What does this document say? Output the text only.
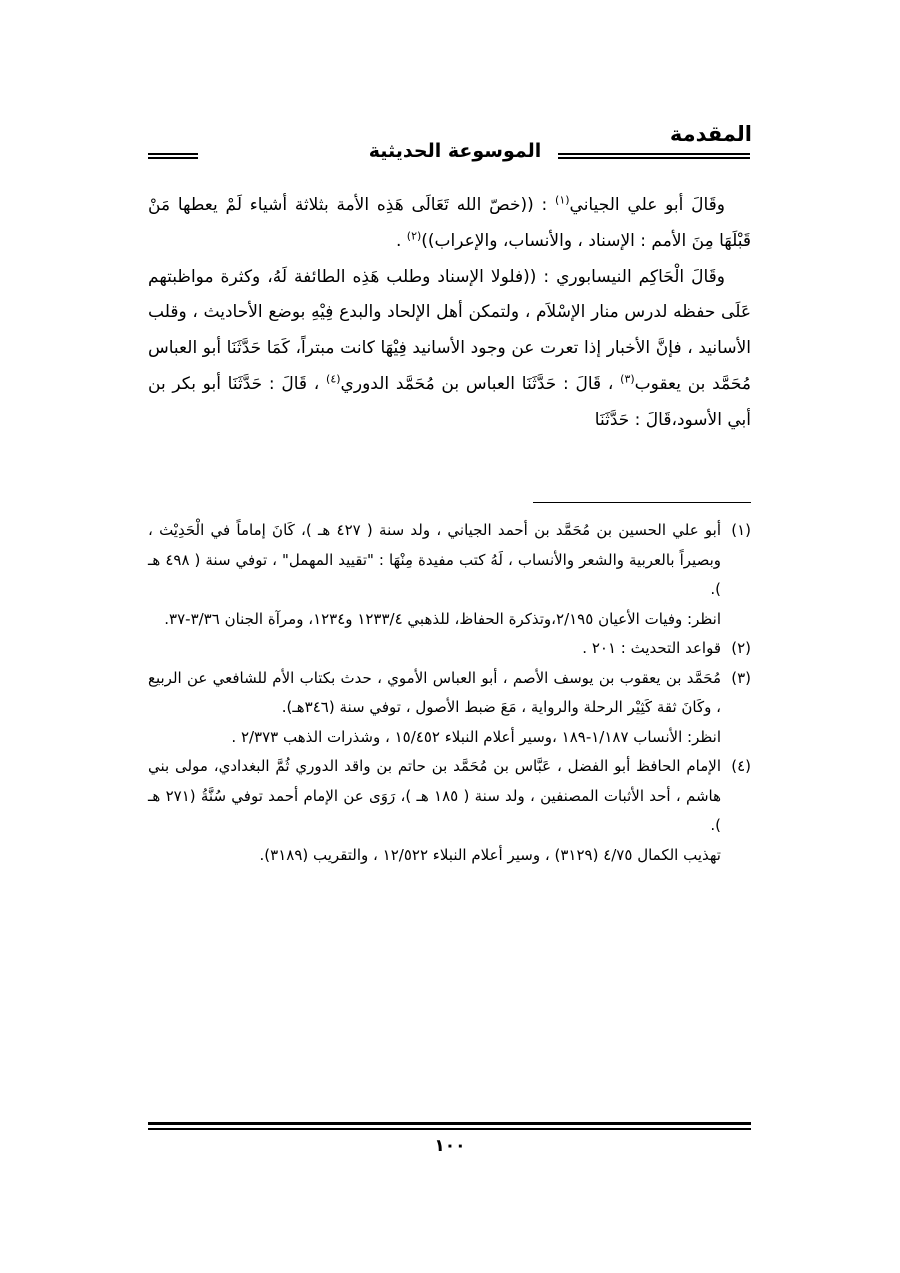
المقدمة
الموسوعة الحديثية

وقَالَ أبو علي الجياني$^{(١)}$ : ((خصّ الله تَعَالَى هَذِه الأمة بثلاثة أشياء لَمْ يعطها مَنْ قَبْلَهَا مِنَ الأمم : الإسناد ، والأنساب، والإعراب))$^{(٢)}$ .

وقَالَ الْحَاكِم النيسابوري : ((فلولا الإسناد وطلب هَذِه الطائفة لَهُ، وكثرة مواظبتهم عَلَى حفظه لدرس منار الإسْلاَم ، ولتمكن أهل الإلحاد والبدع فِيْهِ بوضع الأحاديث ، وقلب الأسانيد ، فإنَّ الأخبار إذا تعرت عن وجود الأسانيد فِيْهَا كانت مبتراً، كَمَا حَدَّثَنَا أبو العباس مُحَمَّد بن يعقوب$^{(٣)}$ ، قَالَ : حَدَّثَنَا العباس بن مُحَمَّد الدوري$^{(٤)}$ ، قَالَ : حَدَّثَنَا أبو بكر بن أبي الأسود،قَالَ : حَدَّثَنَا

(١)

أبو علي الحسين بن مُحَمَّد بن أحمد الجياني ، ولد سنة ( ٤٢٧ هـ )، كَانَ إماماً في الْحَدِيْث ، وبصيراً بالعربية والشعر والأنساب ، لَهُ كتب مفيدة مِنْهَا : "تقييد المهمل" ، توفي سنة ( ٤٩٨ هـ ).

انظر: وفيات الأعيان ٢/١٩٥،وتذكرة الحفاظ، للذهبي ١٢٣٣/٤ و١٢٣٤، ومرآة الجنان ٣/٣٦-٣٧.

(٢)

قواعد التحديث : ٢٠١ .

(٣)

مُحَمَّد بن يعقوب بن يوسف الأصم ، أبو العباس الأموي ، حدث بكتاب الأم للشافعي عن الربيع ، وكَانَ ثقة كَثِيْر الرحلة والرواية ، مَعَ ضبط الأصول ، توفي سنة (٣٤٦هـ).

انظر: الأنساب ١/١٨٧-١٨٩ ،وسير أعلام النبلاء ١٥/٤٥٢ ، وشذرات الذهب ٢/٣٧٣ .

(٤)

الإمام الحافظ أبو الفضل ، عَبَّاس بن مُحَمَّد بن حاتم بن واقد الدوري ثُمَّ البغدادي، مولى بني هاشم ، أحد الأثبات المصنفين ، ولد سنة ( ١٨٥ هـ )، رَوَى عن الإمام أحمد توفي سُنَّةُ (٢٧١ هـ ).

تهذيب الكمال ٤/٧٥ (٣١٢٩) ، وسير أعلام النبلاء ١٢/٥٢٢ ، والتقريب (٣١٨٩).

١٠٠
